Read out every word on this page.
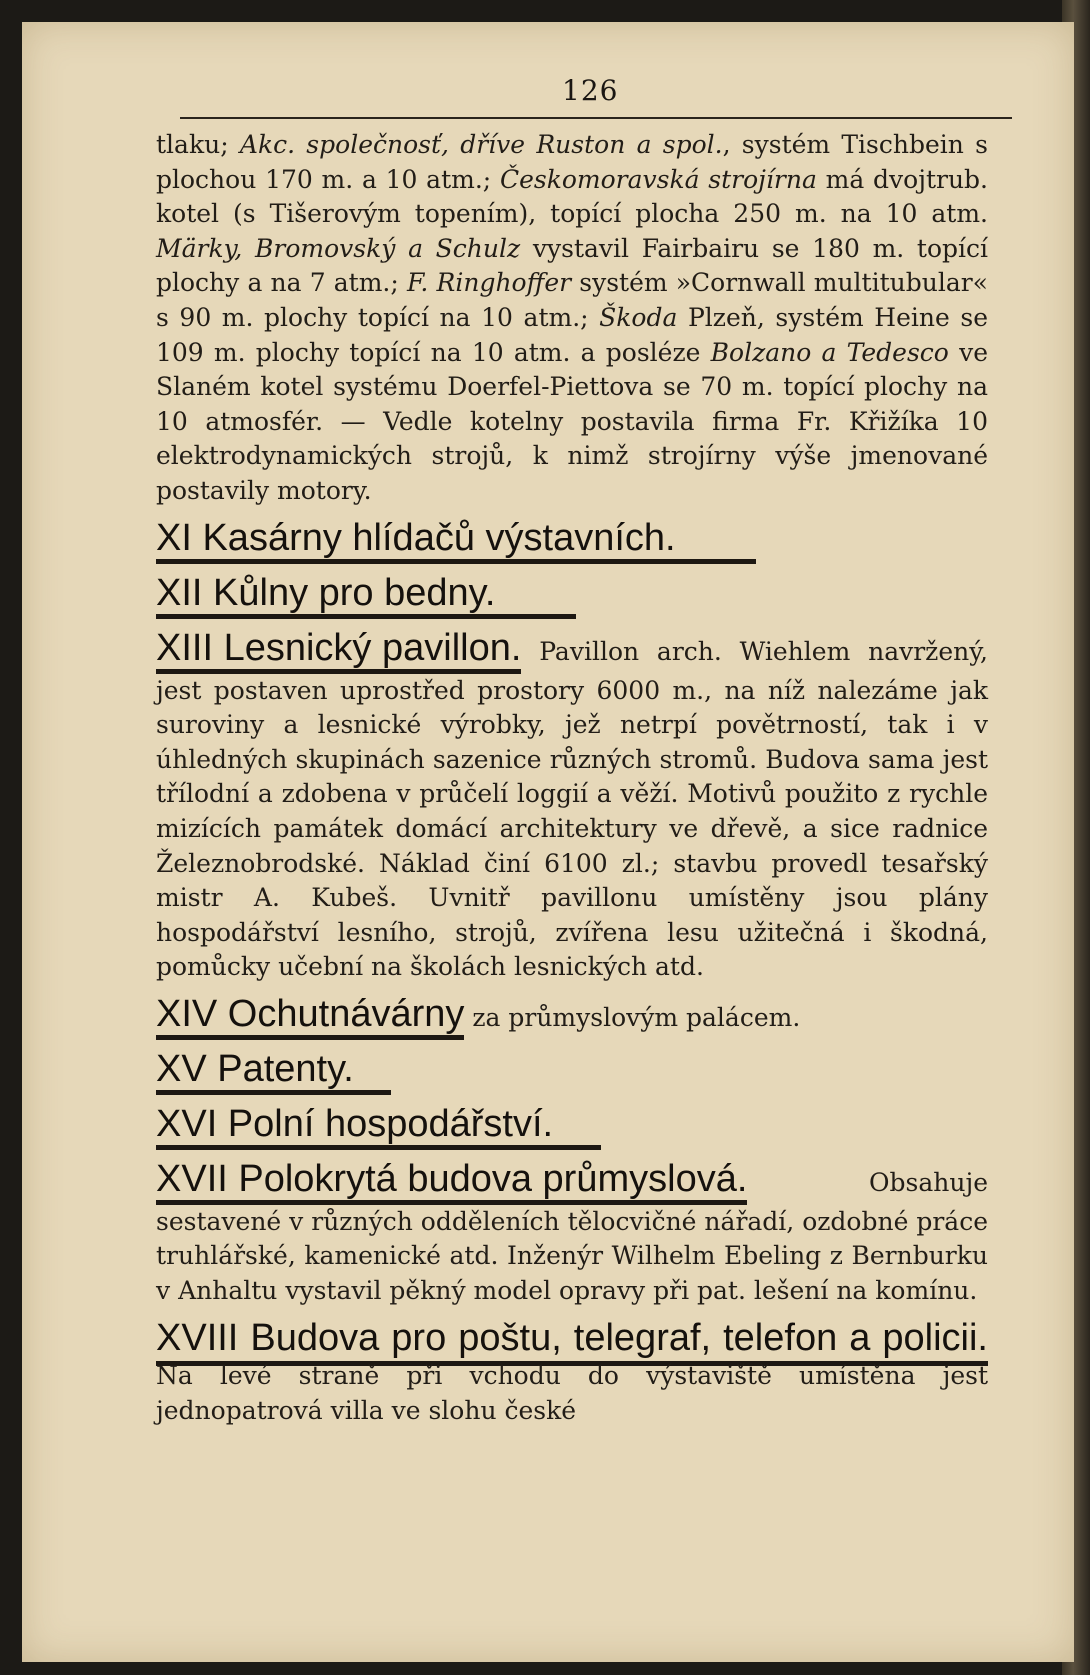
126

tlaku; Akc. společnosť, dříve Ruston a spol., systém Tischbein s plochou 170 m. a 10 atm.; Českomoravská strojírna má dvojtrub. kotel (s Tišerovým topením), topící plocha 250 m. na 10 atm. Märky, Bromovský a Schulz vystavil Fairbairu se 180 m. topící plochy a na 7 atm.; F. Ringhoffer systém »Cornwall multitubular« s 90 m. plochy topící na 10 atm.; Škoda Plzeň, systém Heine se 109 m. plochy topící na 10 atm. a posléze Bolzano a Tedesco ve Slaném kotel systému Doerfel-Piettova se 70 m. topící plochy na 10 atmosfér. — Vedle kotelny postavila firma Fr. Křižíka 10 elektrodynamických strojů, k nimž strojírny výše jmenované postavily motory.

XI Kasárny hlídačů výstavních.
XII Kůlny pro bedny.

XIII Lesnický pavillon. Pavillon arch. Wiehlem navržený, jest postaven uprostřed prostory 6000 m., na níž nalezáme jak suroviny a lesnické výrobky, jež netrpí povětrností, tak i v úhledných skupinách sazenice různých stromů. Budova sama jest třílodní a zdobena v průčelí loggií a věží. Motivů použito z rychle mizících památek domácí architektury ve dřevě, a sice radnice Železnobrodské. Náklad činí 6100 zl.; stavbu provedl tesařský mistr A. Kubeš. Uvnitř pavillonu umístěny jsou plány hospodářství lesního, strojů, zvířena lesu užitečná i škodná, pomůcky učební na školách lesnických atd.

XIV Ochutnávárny za průmyslovým palácem.

XV Patenty.
XVI Polní hospodářství.

XVII Polokrytá budova průmyslová. Obsahuje sestavené v různých odděleních tělocvičné nářadí, ozdobné práce truhlářské, kamenické atd. Inženýr Wilhelm Ebeling z Bernburku v Anhaltu vystavil pěkný model opravy při pat. lešení na komínu.

XVIII Budova pro poštu, telegraf, telefon a policii. Na levé straně při vchodu do výstaviště umístěna jest jednopatrová villa ve slohu české
